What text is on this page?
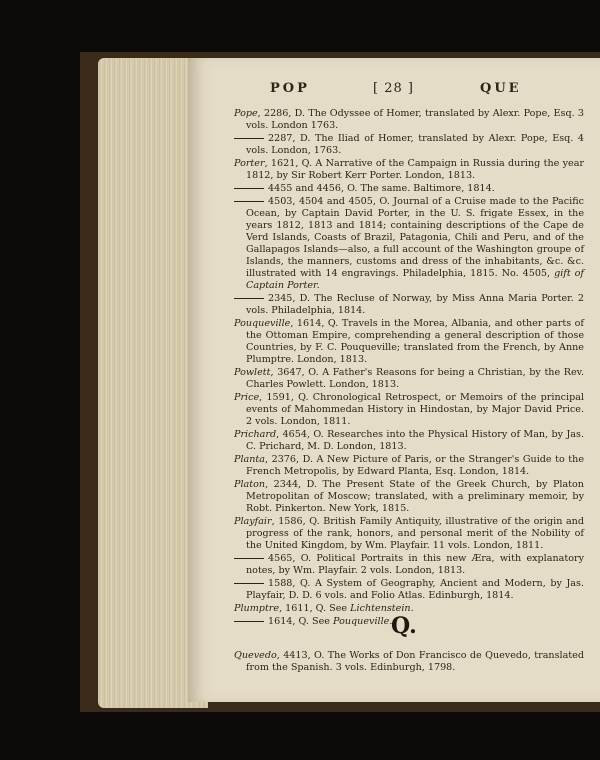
POP	[ 28 ]	QUE
Pope, 2286, D. The Odyssee of Homer, translated by Alexr. Pope, Esq. 3 vols. London 1763.
2287, D. The Iliad of Homer, translated by Alexr. Pope, Esq. 4 vols. London, 1763.
Porter, 1621, Q. A Narrative of the Campaign in Russia during the year 1812, by Sir Robert Kerr Porter. London, 1813.
4455 and 4456, O. The same. Baltimore, 1814.
4503, 4504 and 4505, O. Journal of a Cruise made to the Pacific Ocean, by Captain David Porter, in the U. S. frigate Essex, in the years 1812, 1813 and 1814; containing descriptions of the Cape de Verd Islands, Coasts of Brazil, Patagonia, Chili and Peru, and of the Gallapagos Islands—also, a full account of the Washington groupe of Islands, the manners, customs and dress of the inhabitants, &c. &c. illustrated with 14 engravings. Philadelphia, 1815. No. 4505, gift of Captain Porter.
2345, D. The Recluse of Norway, by Miss Anna Maria Porter. 2 vols. Philadelphia, 1814.
Pouqueville, 1614, Q. Travels in the Morea, Albania, and other parts of the Ottoman Empire, comprehending a general description of those Countries, by F. C. Pouqueville; translated from the French, by Anne Plumptre. London, 1813.
Powlett, 3647, O. A Father's Reasons for being a Christian, by the Rev. Charles Powlett. London, 1813.
Price, 1591, Q. Chronological Retrospect, or Memoirs of the principal events of Mahommedan History in Hindostan, by Major David Price. 2 vols. London, 1811.
Prichard, 4654, O. Researches into the Physical History of Man, by Jas. C. Prichard, M. D. London, 1813.
Planta, 2376, D. A New Picture of Paris, or the Stranger's Guide to the French Metropolis, by Edward Planta, Esq. London, 1814.
Platon, 2344, D. The Present State of the Greek Church, by Platon Metropolitan of Moscow; translated, with a preliminary memoir, by Robt. Pinkerton. New York, 1815.
Playfair, 1586, Q. British Family Antiquity, illustrative of the origin and progress of the rank, honors, and personal merit of the Nobility of the United Kingdom, by Wm. Playfair. 11 vols. London, 1811.
4565, O. Political Portraits in this new Æra, with explanatory notes, by Wm. Playfair. 2 vols. London, 1813.
1588, Q. A System of Geography, Ancient and Modern, by Jas. Playfair, D. D. 6 vols. and Folio Atlas. Edinburgh, 1814.
Plumptre, 1611, Q. See Lichtenstein.
1614, Q. See Pouqueville.
Q.
Quevedo, 4413, O. The Works of Don Francisco de Quevedo, translated from the Spanish. 3 vols. Edinburgh, 1798.
